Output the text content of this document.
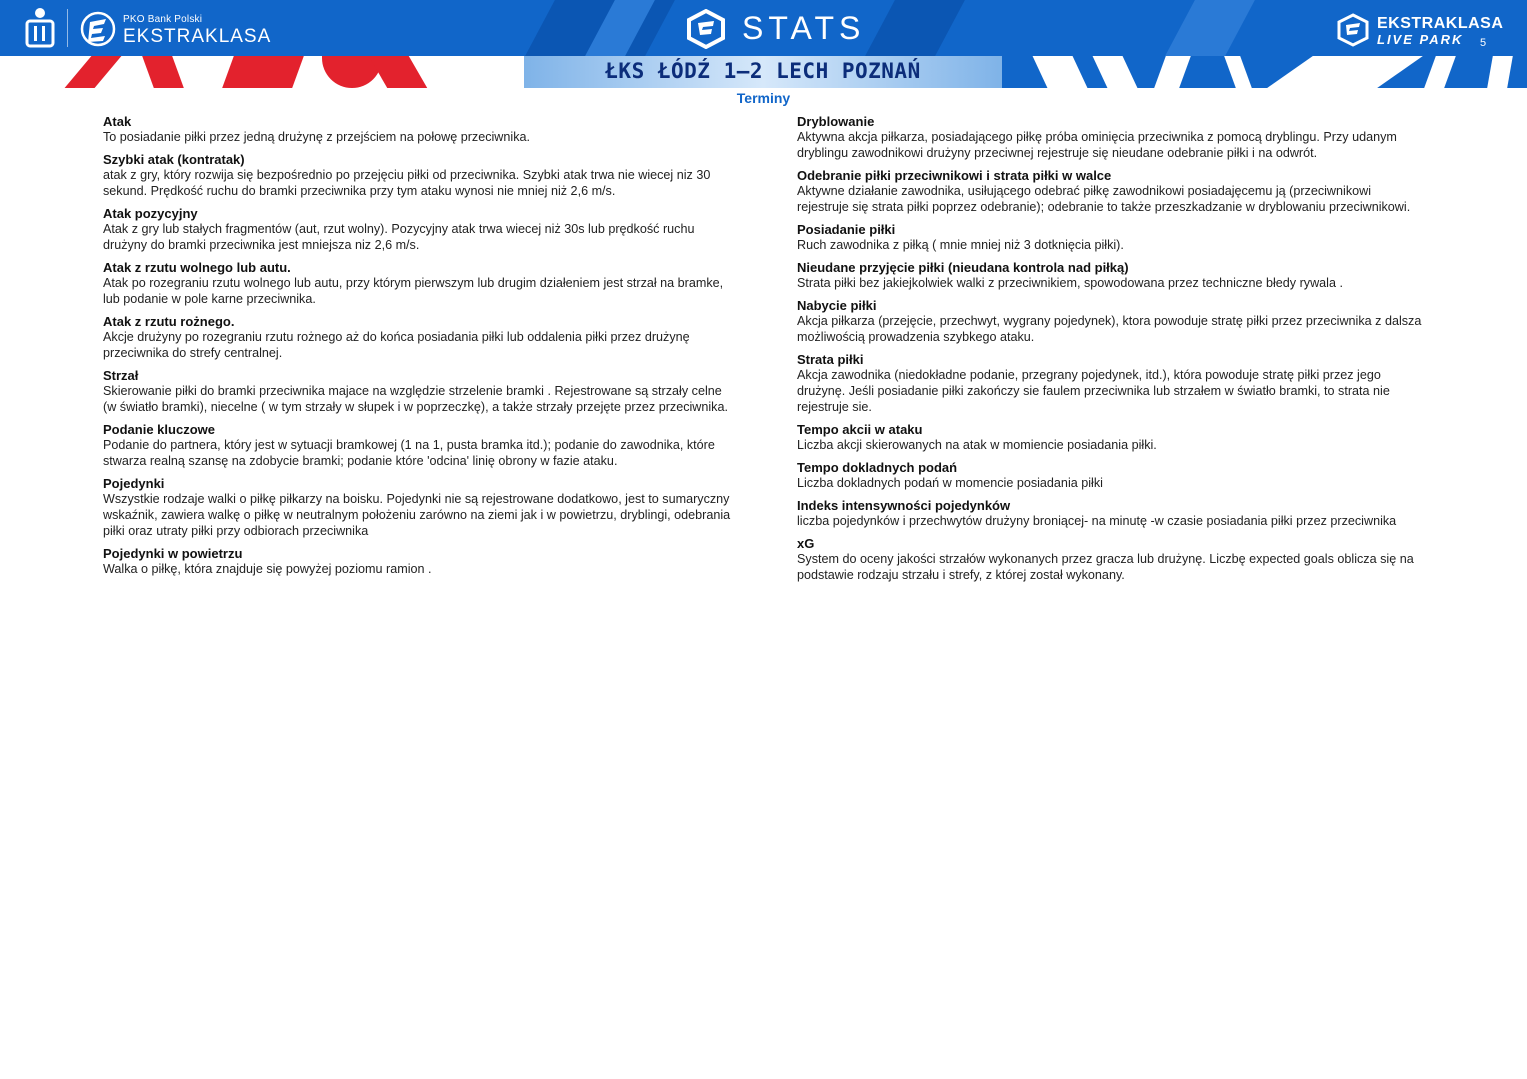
PKO Bank Polski
EKSTRAKLASA	STATS	EKSTRAKLASA
LIVE PARK 5
ŁKS ŁÓDŹ 1–2 LECH POZNAŃ
Terminy
Atak
To posiadanie piłki przez jedną drużynę z przejściem na połowę przeciwnika.
Szybki atak (kontratak)
atak z gry, który rozwija się bezpośrednio po przejęciu piłki od przeciwnika. Szybki atak trwa nie wiecej niz 30 sekund. Prędkość ruchu do bramki przeciwnika przy tym ataku wynosi nie mniej niż 2,6 m/s.
Atak pozycyjny
Atak z gry lub stałych fragmentów (aut, rzut wolny). Pozycyjny atak trwa wiecej niż 30s lub prędkość ruchu drużyny do bramki przeciwnika jest mniejsza niz 2,6 m/s.
Atak z rzutu wolnego lub autu.
Atak po rozegraniu rzutu wolnego lub autu, przy którym pierwszym lub drugim działeniem jest strzał na bramke, lub podanie w pole karne przeciwnika.
Atak z rzutu rożnego.
Akcje drużyny po rozegraniu rzutu rożnego aż do końca posiadania piłki lub oddalenia piłki przez drużynę przeciwnika do strefy centralnej.
Strzał
Skierowanie piłki do bramki przeciwnika majace na względzie strzelenie bramki . Rejestrowane są strzały celne (w światło bramki), niecelne ( w tym strzały w słupek i w poprzeczkę), a także strzały przejęte przez przeciwnika.
Podanie kluczowe
Podanie do partnera, który jest w sytuacji bramkowej (1 na 1, pusta bramka itd.); podanie do zawodnika, które stwarza realną szansę na zdobycie bramki; podanie które 'odcina' linię obrony w fazie ataku.
Pojedynki
Wszystkie rodzaje walki o piłkę piłkarzy na boisku. Pojedynki nie są rejestrowane dodatkowo, jest to sumaryczny wskaźnik, zawiera walkę o piłkę w neutralnym położeniu zarówno na ziemi jak i w powietrzu, dryblingi, odebrania piłki oraz utraty piłki przy odbiorach przeciwnika
Pojedynki w powietrzu
Walka o piłkę, która znajduje się powyżej poziomu ramion .
Dryblowanie
Aktywna akcja piłkarza, posiadającego piłkę próba ominięcia przeciwnika z pomocą dryblingu. Przy udanym dryblingu zawodnikowi drużyny przeciwnej rejestruje się nieudane odebranie piłki i na odwrót.
Odebranie piłki przeciwnikowi i strata piłki w walce
Aktywne działanie zawodnika, usiłującego odebrać piłkę zawodnikowi posiadajęcemu ją (przeciwnikowi rejestruje się strata piłki poprzez odebranie); odebranie to także przeszkadzanie w dryblowaniu przeciwnikowi.
Posiadanie piłki
Ruch zawodnika z piłką ( mnie mniej niż 3 dotknięcia piłki).
Nieudane przyjęcie piłki (nieudana kontrola nad piłką)
Strata piłki bez jakiejkolwiek walki z przeciwnikiem, spowodowana przez techniczne błedy rywala .
Nabycie piłki
Akcja piłkarza (przejęcie, przechwyt, wygrany pojedynek), ktora powoduje stratę piłki przez przeciwnika z dalsza możliwością prowadzenia szybkego ataku.
Strata piłki
Akcja zawodnika (niedokładne podanie, przegrany pojedynek, itd.), która powoduje stratę piłki przez jego drużynę. Jeśli posiadanie piłki zakończy sie faulem przeciwnika lub strzałem w światło bramki, to strata nie rejestruje sie.
Tempo akcii w ataku
Liczba akcji skierowanych na atak w momiencie posiadania piłki.
Tempo dokladnych podań
Liczba dokladnych podań w momencie posiadania piłki
Indeks intensywności pojedynków
liczba pojedynków i przechwytów drużyny broniącej- na minutę -w czasie posiadania piłki przez przeciwnika
xG
System do oceny jakości strzałów wykonanych przez gracza lub drużynę. Liczbę expected goals oblicza się na podstawie rodzaju strzału i strefy, z której został wykonany.
